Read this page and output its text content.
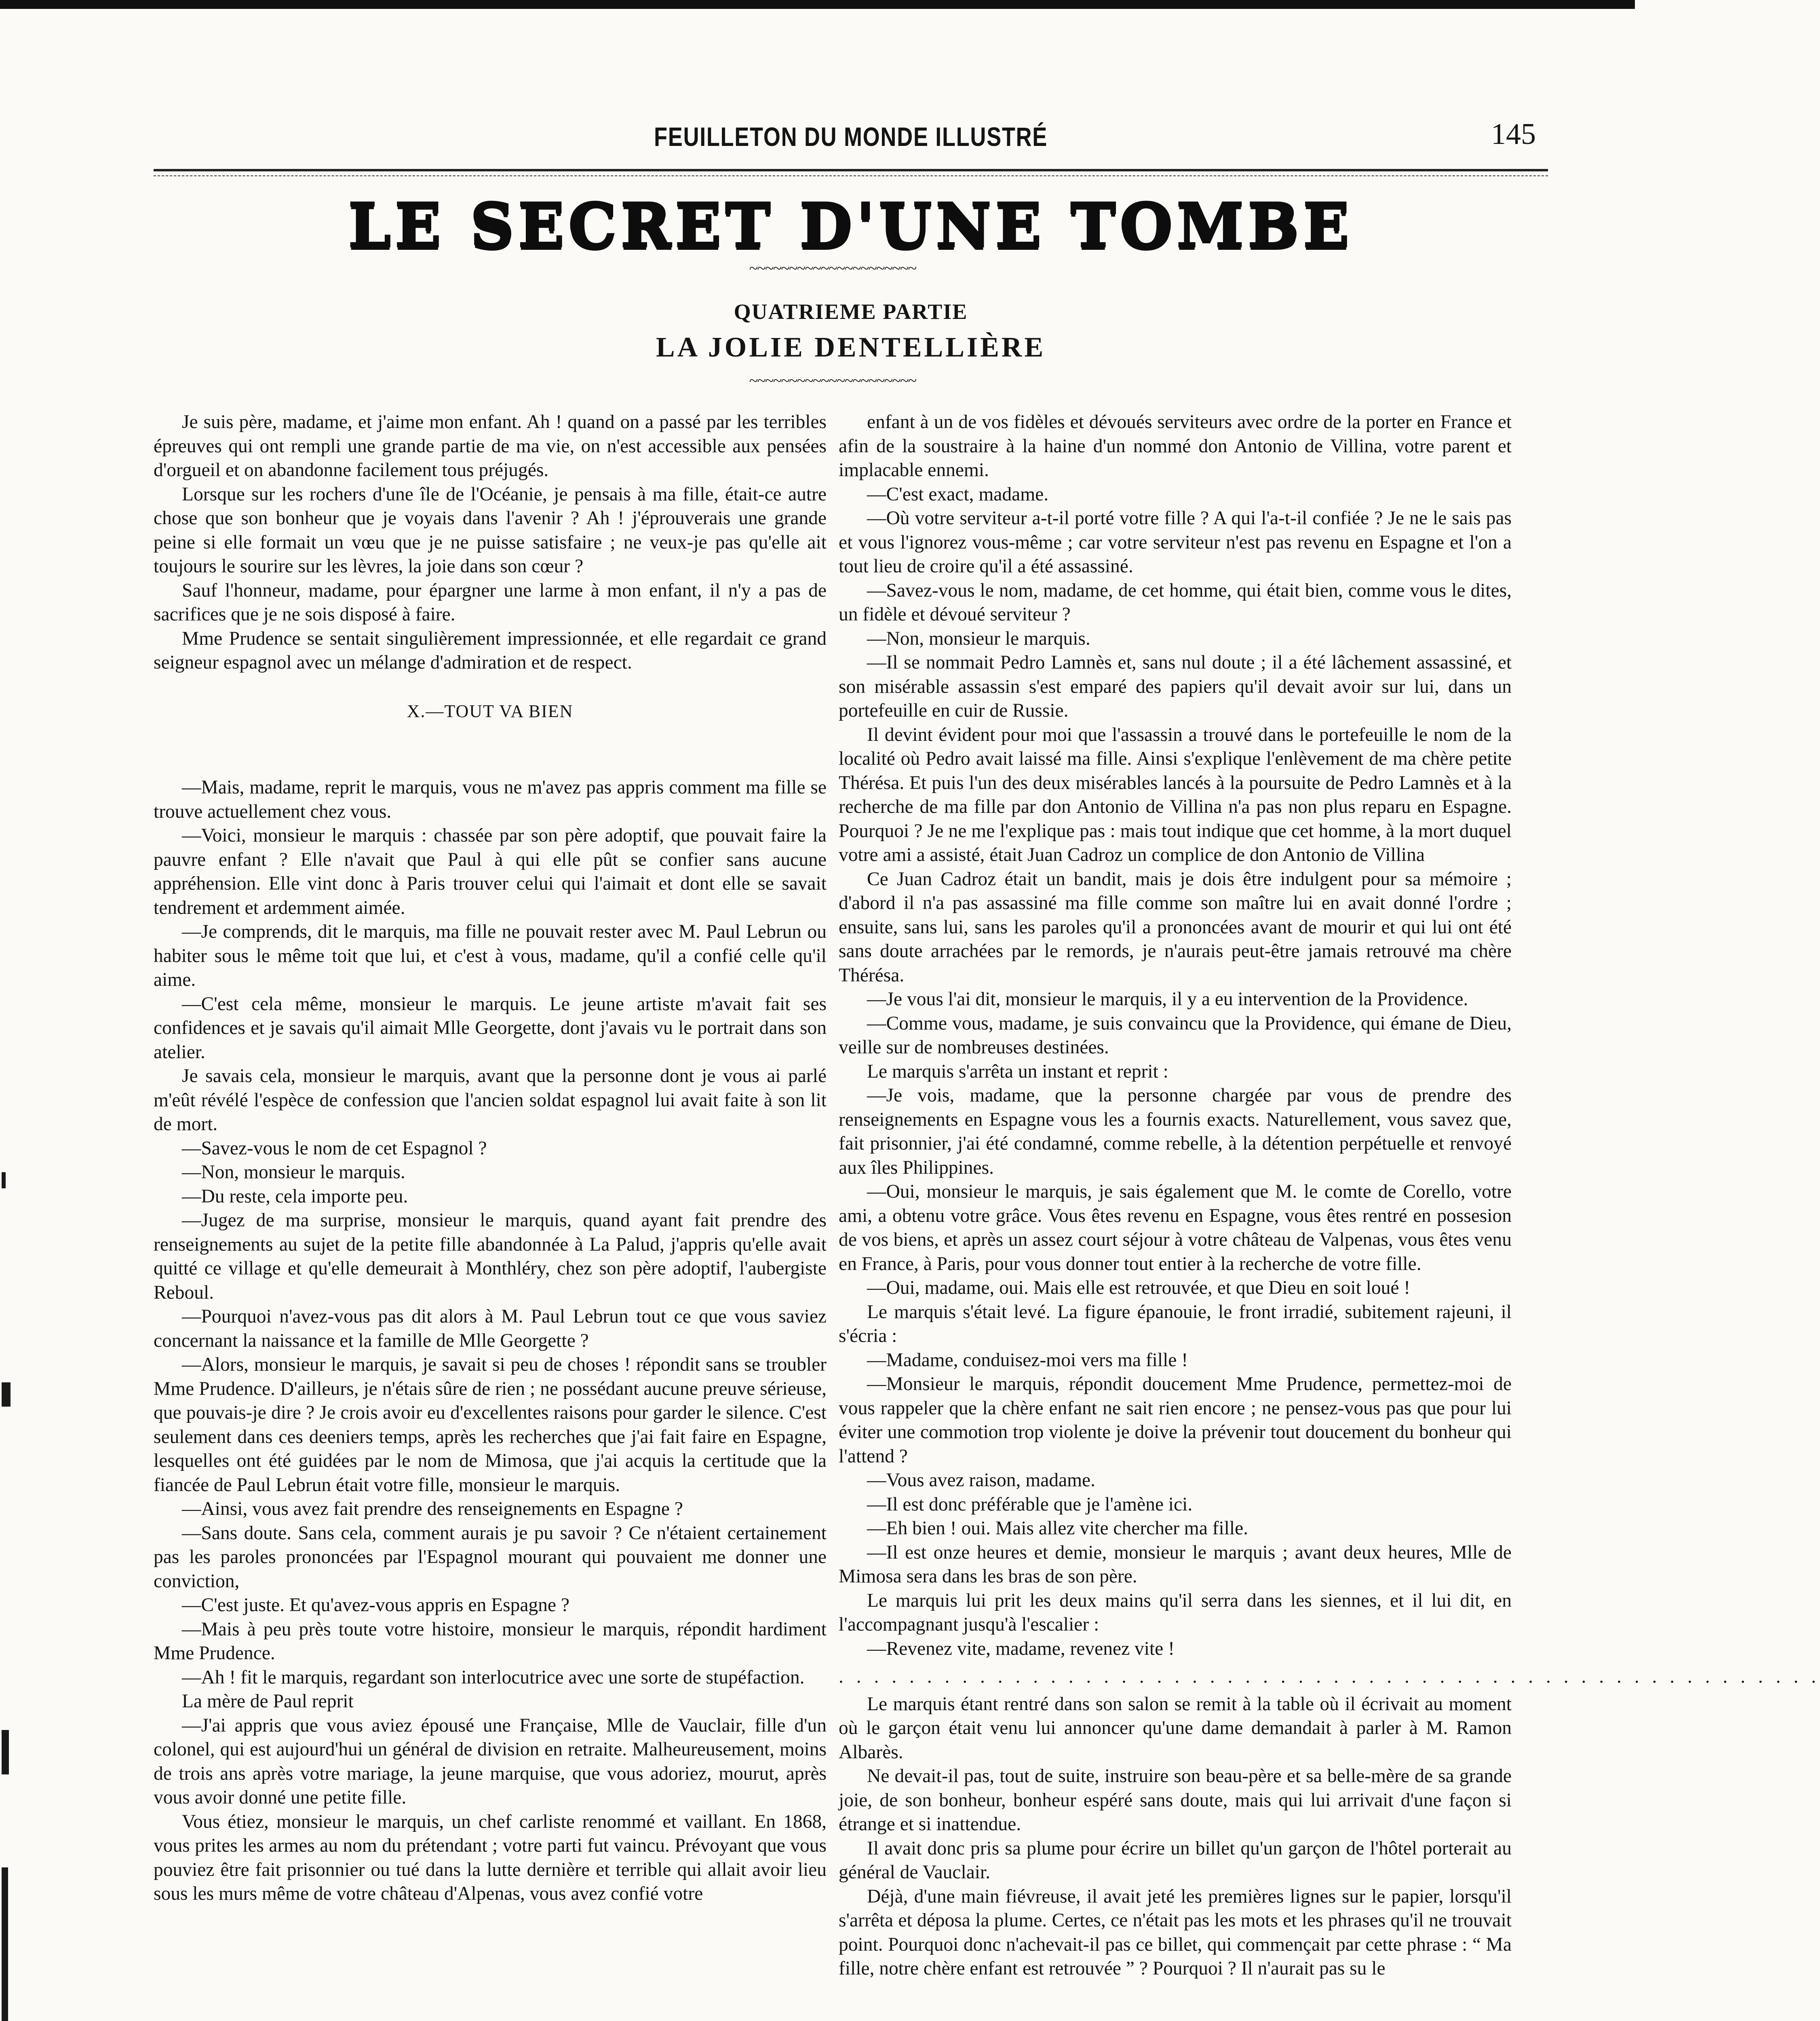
FEUILLETON DU MONDE ILLUSTRÉ	145
LE SECRET D'UNE TOMBE
~~~~~~~~~~~~~~~~~~~~~
QUATRIEME PARTIE
LA JOLIE DENTELLIÈRE
~~~~~~~~~~~~~~~~~~~~~

Je suis père, madame, et j'aime mon enfant. Ah ! quand on a passé par les terribles épreuves qui ont rempli une grande partie de ma vie, on n'est accessible aux pensées d'orgueil et on abandonne facilement tous préjugés.

Lorsque sur les rochers d'une île de l'Océanie, je pensais à ma fille, était-ce autre chose que son bonheur que je voyais dans l'avenir ? Ah ! j'éprouverais une grande peine si elle formait un vœu que je ne puisse satisfaire ; ne veux-je pas qu'elle ait toujours le sourire sur les lèvres, la joie dans son cœur ?

Sauf l'honneur, madame, pour épargner une larme à mon enfant, il n'y a pas de sacrifices que je ne sois disposé à faire.

Mme Prudence se sentait singulièrement impressionnée, et elle regardait ce grand seigneur espagnol avec un mélange d'admiration et de respect.

X.—TOUT VA BIEN

—Mais, madame, reprit le marquis, vous ne m'avez pas appris comment ma fille se trouve actuellement chez vous.

—Voici, monsieur le marquis : chassée par son père adoptif, que pouvait faire la pauvre enfant ? Elle n'avait que Paul à qui elle pût se confier sans aucune appréhension. Elle vint donc à Paris trouver celui qui l'aimait et dont elle se savait tendrement et ardemment aimée.

—Je comprends, dit le marquis, ma fille ne pouvait rester avec M. Paul Lebrun ou habiter sous le même toit que lui, et c'est à vous, madame, qu'il a confié celle qu'il aime.

—C'est cela même, monsieur le marquis. Le jeune artiste m'avait fait ses confidences et je savais qu'il aimait Mlle Georgette, dont j'avais vu le portrait dans son atelier.

Je savais cela, monsieur le marquis, avant que la personne dont je vous ai parlé m'eût révélé l'espèce de confession que l'ancien soldat espagnol lui avait faite à son lit de mort.

—Savez-vous le nom de cet Espagnol ?

—Non, monsieur le marquis.

—Du reste, cela importe peu.

—Jugez de ma surprise, monsieur le marquis, quand ayant fait prendre des renseignements au sujet de la petite fille abandonnée à La Palud, j'appris qu'elle avait quitté ce village et qu'elle demeurait à Monthléry, chez son père adoptif, l'aubergiste Reboul.

—Pourquoi n'avez-vous pas dit alors à M. Paul Lebrun tout ce que vous saviez concernant la naissance et la famille de Mlle Georgette ?

—Alors, monsieur le marquis, je savait si peu de choses ! répondit sans se troubler Mme Prudence. D'ailleurs, je n'étais sûre de rien ; ne possédant aucune preuve sérieuse, que pouvais-je dire ? Je crois avoir eu d'excellentes raisons pour garder le silence. C'est seulement dans ces deeniers temps, après les recherches que j'ai fait faire en Espagne, lesquelles ont été guidées par le nom de Mimosa, que j'ai acquis la certitude que la fiancée de Paul Lebrun était votre fille, monsieur le marquis.

—Ainsi, vous avez fait prendre des renseignements en Espagne ?

—Sans doute. Sans cela, comment aurais je pu savoir ? Ce n'étaient certainement pas les paroles prononcées par l'Espagnol mourant qui pouvaient me donner une conviction,

—C'est juste. Et qu'avez-vous appris en Espagne ?

—Mais à peu près toute votre histoire, monsieur le marquis, répondit hardiment Mme Prudence.

—Ah ! fit le marquis, regardant son interlocutrice avec une sorte de stupéfaction.

La mère de Paul reprit

—J'ai appris que vous aviez épousé une Française, Mlle de Vauclair, fille d'un colonel, qui est aujourd'hui un général de division en retraite. Malheureusement, moins de trois ans après votre mariage, la jeune marquise, que vous adoriez, mourut, après vous avoir donné une petite fille.

Vous étiez, monsieur le marquis, un chef carliste renommé et vaillant. En 1868, vous prites les armes au nom du prétendant ; votre parti fut vaincu. Prévoyant que vous pouviez être fait prisonnier ou tué dans la lutte dernière et terrible qui allait avoir lieu sous les murs même de votre château d'Alpenas, vous avez confié votre

enfant à un de vos fidèles et dévoués serviteurs avec ordre de la porter en France et afin de la soustraire à la haine d'un nommé don Antonio de Villina, votre parent et implacable ennemi.

—C'est exact, madame.

—Où votre serviteur a-t-il porté votre fille ? A qui l'a-t-il confiée ? Je ne le sais pas et vous l'ignorez vous-même ; car votre serviteur n'est pas revenu en Espagne et l'on a tout lieu de croire qu'il a été assassiné.

—Savez-vous le nom, madame, de cet homme, qui était bien, comme vous le dites, un fidèle et dévoué serviteur ?

—Non, monsieur le marquis.

—Il se nommait Pedro Lamnès et, sans nul doute ; il a été lâchement assassiné, et son misérable assassin s'est emparé des papiers qu'il devait avoir sur lui, dans un portefeuille en cuir de Russie.

Il devint évident pour moi que l'assassin a trouvé dans le portefeuille le nom de la localité où Pedro avait laissé ma fille. Ainsi s'explique l'enlèvement de ma chère petite Thérésa. Et puis l'un des deux misérables lancés à la poursuite de Pedro Lamnès et à la recherche de ma fille par don Antonio de Villina n'a pas non plus reparu en Espagne. Pourquoi ? Je ne me l'explique pas : mais tout indique que cet homme, à la mort duquel votre ami a assisté, était Juan Cadroz un complice de don Antonio de Villina

Ce Juan Cadroz était un bandit, mais je dois être indulgent pour sa mémoire ; d'abord il n'a pas assassiné ma fille comme son maître lui en avait donné l'ordre ; ensuite, sans lui, sans les paroles qu'il a prononcées avant de mourir et qui lui ont été sans doute arrachées par le remords, je n'aurais peut-être jamais retrouvé ma chère Thérésa.

—Je vous l'ai dit, monsieur le marquis, il y a eu intervention de la Providence.

—Comme vous, madame, je suis convaincu que la Providence, qui émane de Dieu, veille sur de nombreuses destinées.

Le marquis s'arrêta un instant et reprit :

—Je vois, madame, que la personne chargée par vous de prendre des renseignements en Espagne vous les a fournis exacts. Naturellement, vous savez que, fait prisonnier, j'ai été condamné, comme rebelle, à la détention perpétuelle et renvoyé aux îles Philippines.

—Oui, monsieur le marquis, je sais également que M. le comte de Corello, votre ami, a obtenu votre grâce. Vous êtes revenu en Espagne, vous êtes rentré en possesion de vos biens, et après un assez court séjour à votre château de Valpenas, vous êtes venu en France, à Paris, pour vous donner tout entier à la recherche de votre fille.

—Oui, madame, oui. Mais elle est retrouvée, et que Dieu en soit loué !

Le marquis s'était levé. La figure épanouie, le front irradié, subitement rajeuni, il s'écria :

—Madame, conduisez-moi vers ma fille !

—Monsieur le marquis, répondit doucement Mme Prudence, permettez-moi de vous rappeler que la chère enfant ne sait rien encore ; ne pensez-vous pas que pour lui éviter une commotion trop violente je doive la prévenir tout doucement du bonheur qui l'attend ?

—Vous avez raison, madame.

—Il est donc préférable que je l'amène ici.

—Eh bien ! oui. Mais allez vite chercher ma fille.

—Il est onze heures et demie, monsieur le marquis ; avant deux heures, Mlle de Mimosa sera dans les bras de son père.

Le marquis lui prit les deux mains qu'il serra dans les siennes, et il lui dit, en l'accompagnant jusqu'à l'escalier :

—Revenez vite, madame, revenez vite !

. . . . . . . . . . . . . . . . . . . . . . . . . . . . . . . . . . . . . . . . . . . . . . . . . . . . . . . .

Le marquis étant rentré dans son salon se remit à la table où il écrivait au moment où le garçon était venu lui annoncer qu'une dame demandait à parler à M. Ramon Albarès.

Ne devait-il pas, tout de suite, instruire son beau-père et sa belle-mère de sa grande joie, de son bonheur, bonheur espéré sans doute, mais qui lui arrivait d'une façon si étrange et si inattendue.

Il avait donc pris sa plume pour écrire un billet qu'un garçon de l'hôtel porterait au général de Vauclair.

Déjà, d'une main fiévreuse, il avait jeté les premières lignes sur le papier, lorsqu'il s'arrêta et déposa la plume. Certes, ce n'était pas les mots et les phrases qu'il ne trouvait point. Pourquoi donc n'achevait-il pas ce billet, qui commençait par cette phrase : “ Ma fille, notre chère enfant est retrouvée ” ? Pourquoi ? Il n'aurait pas su le
